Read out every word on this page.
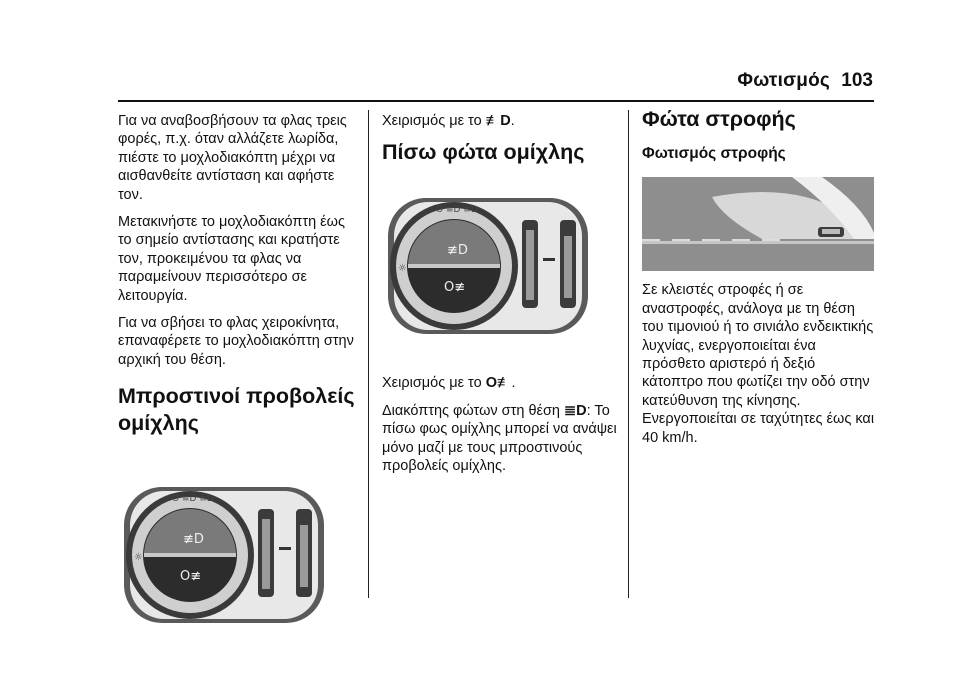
Φωτισμός 103

Για να αναβοσβήσουν τα φλας τρεις φορές, π.χ. όταν αλλάζετε λωρίδα, πιέστε το μοχλοδιακόπτη μέχρι να αισθανθείτε αντίσταση και αφήστε τον.

Μετακινήστε το μοχλοδιακόπτη έως το σημείο αντίστασης και κρατήστε τον, προκειμένου τα φλας να παραμείνουν περισσότερο σε λειτουργία.

Για να σβήσει το φλας χειροκίνητα, επαναφέρετε το μοχλοδιακόπτη στην αρχική του θέση.

Μπροστινοί προβολείς ομίχλης
≢D
O≢
☼
O ≡D ≡D

Χειρισμός με το ≢D.

Πίσω φώτα ομίχλης
≢D
O≢
☼
O ≡D ≡D

Χειρισμός με το O≢.

Διακόπτης φώτων στη θέση ≣D: Το πίσω φως ομίχλης μπορεί να ανάψει μόνο μαζί με τους μπροστινούς προβολείς ομίχλης.

Φώτα στροφής
Φωτισμός στροφής

Σε κλειστές στροφές ή σε αναστροφές, ανάλογα με τη θέση του τιμονιού ή το σινιάλο ενδεικτικής λυχνίας, ενεργοποιείται ένα πρόσθετο αριστερό ή δεξιό κάτοπτρο που φωτίζει την οδό στην κατεύθυνση της κίνησης. Ενεργοποιείται σε ταχύτητες έως και 40 km/h.
